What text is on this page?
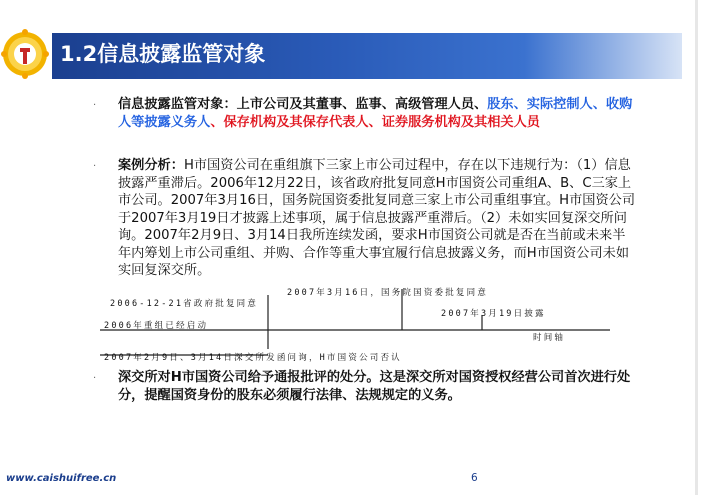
1.2信息披露监管对象
· 信息披露监管对象：上市公司及其董事、监事、高级管理人员、股东、实际控制人、收购人等披露义务人、保存机构及其保存代表人、证券服务机构及其相关人员
· 案例分析：H市国资公司在重组旗下三家上市公司过程中，存在以下违规行为：（1）信息披露严重滞后。2006年12月22日，该省政府批复同意H市国资公司重组A、B、C三家上市公司。2007年3月16日，国务院国资委批复同意三家上市公司重组事宜。H市国资公司于2007年3月19日才披露上述事项，属于信息披露严重滞后。（2）未如实回复深交所问询。2007年2月9日、3月14日我所连续发函，要求H市国资公司就是否在当前或未来半年内筹划上市公司重组、并购、合作等重大事宜履行信息披露义务，而H市国资公司未如实回复深交所。
2006-12-21省政府批复同意
2007年3月16日，国务院国资委批复同意
2006年重组已经启动
2007年3月19日披露
时间轴
2007年2月9日、3月14日深交所发函问询，H市国资公司否认
· 深交所对H市国资公司给予通报批评的处分。这是深交所对国资授权经营公司首次进行处分，提醒国资身份的股东必须履行法律、法规规定的义务。
www.caishuifree.cn	6
